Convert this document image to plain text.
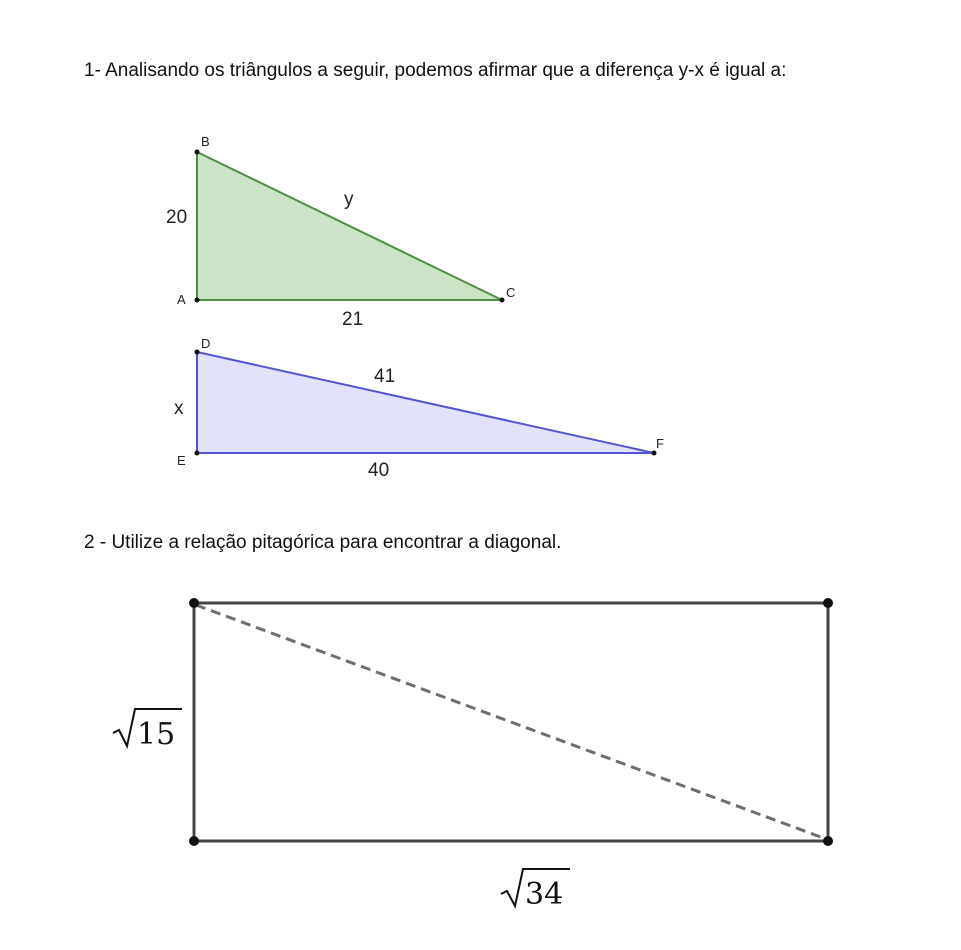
1- Analisando os triângulos a seguir, podemos afirmar que a diferença y-x é igual a:
B
A	C
20
y
21
D
E
F
x
41
40
15
34
2 - Utilize a relação pitagórica para encontrar a diagonal.
